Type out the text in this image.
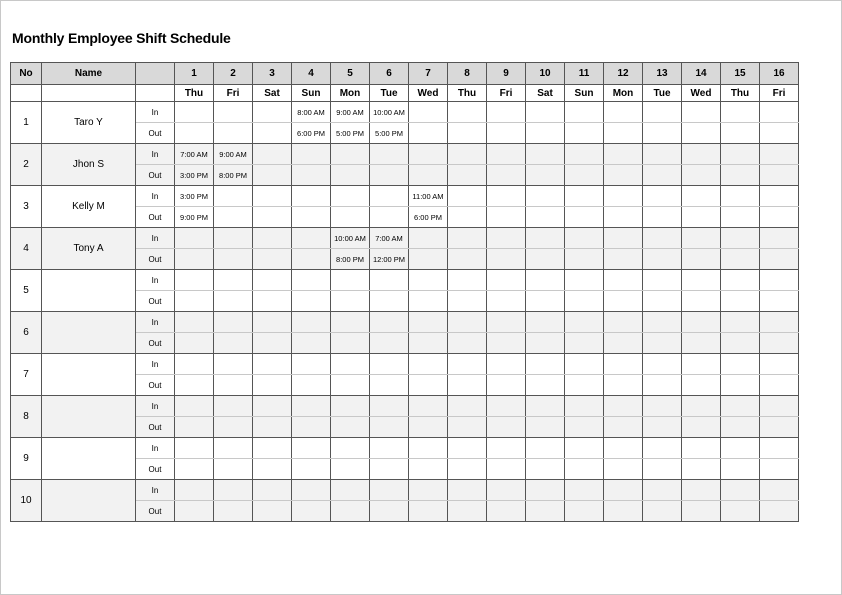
Monthly Employee Shift Schedule
No	Name		1	2	3	4	5	6	7	8	9	10	11	12	13	14	15	16
			Thu	Fri	Sat	Sun	Mon	Tue	Wed	Thu	Fri	Sat	Sun	Mon	Tue	Wed	Thu	Fri
1	Taro Y	In				8:00 AM	9:00 AM	10:00 AM										
		Out				6:00 PM	5:00 PM	5:00 PM										
2	Jhon S	In	7:00 AM	9:00 AM														
		Out	3:00 PM	8:00 PM														
3	Kelly M	In	3:00 PM						11:00 AM									
		Out	9:00 PM						6:00 PM									
4	Tony A	In					10:00 AM	7:00 AM										
		Out					8:00 PM	12:00 PM										
5		In																
		Out																
6		In																
		Out																
7		In																
		Out																
8		In																
		Out																
9		In																
		Out																
10		In																
		Out																
